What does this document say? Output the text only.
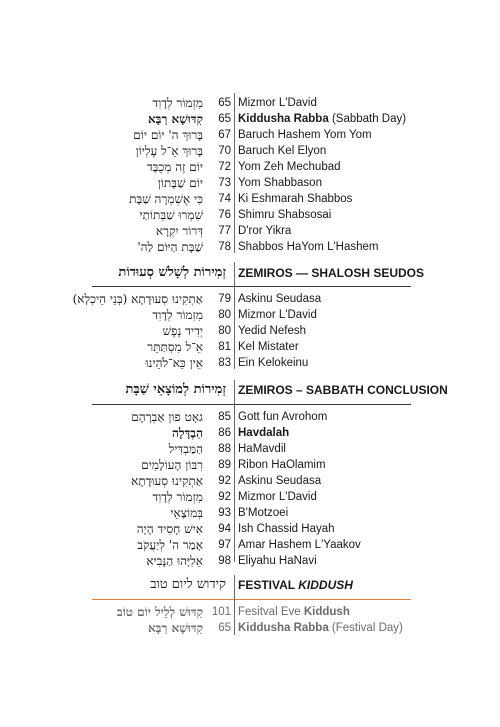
מִזְמוֹר לְדָוִד	65 Mizmor L'David
קִדּוּשָׁא רַבָּא	65 Kiddusha Rabba (Sabbath Day)
בָּרוּךְ ה' יוֹם יוֹם	67 Baruch Hashem Yom Yom
בָּרוּךְ אֵ־ל עֶלְיוֹן	70 Baruch Kel Elyon
יוֹם זֶה מְכֻבָּד	72 Yom Zeh Mechubad
יוֹם שַׁבָּתוֹן	73 Yom Shabbason
כִּי אֶשְׁמְרָה שַׁבָּת	74 Ki Eshmarah Shabbos
שִׁמְרוּ שַׁבְּתוֹתַי	76 Shimru Shabsosai
דְּרוֹר יִקְרָא	77 D'ror Yikra
שַׁבָּת הַיּוֹם לַה'	78 Shabbos HaYom L'Hashem
זְמִירוֹת לְשָׁלֹשׁ סְעוּדוֹת ZEMIROS — SHALOSH SEUDOS
אַתְקִינוּ סְעוּדָתָא (בְּנֵי הֵיכְלָא)	79 Askinu Seudasa
מִזְמוֹר לְדָוִד	80 Mizmor L'David
יְדִיד נֶפֶשׁ	80 Yedid Nefesh
אֵ־ל מִסְתַּתֵּר	81 Kel Mistater
אֵין כֵּא־לֹהֵינוּ	83 Ein Kelokeinu
זְמִירוֹת לְמוֹצָאֵי שַׁבָּת ZEMIROS – SABBATH CONCLUSION
גאָט פון אַבְרָהָם	85 Gott fun Avrohom
הַבְדָּלָה	86 Havdalah
הַמַּבְדִּיל	88 HaMavdil
רִבּוֹן הָעוֹלָמִים	89 Ribon HaOlamim
אַתְקִינוּ סְעוּדָתָא	92 Askinu Seudasa
מִזְמוֹר לְדָוִד	92 Mizmor L'David
בְּמוֹצָאֵי	93 B'Motzoei
אִישׁ חָסִיד הָיָה	94 Ish Chassid Hayah
אָמַר ה' לְיַעֲקֹב	97 Amar Hashem L'Yaakov
אֵלִיָּהוּ הַנָּבִיא	98 Eliyahu HaNavi
קידוש ליום טוב FESTIVAL KIDDUSH
קִדּוּשׁ לְלֵיל יוֹם טוֹב 101 Fesitval Eve Kiddush
קִדּוּשָׁא רַבָּא	65 Kiddusha Rabba (Festival Day)
